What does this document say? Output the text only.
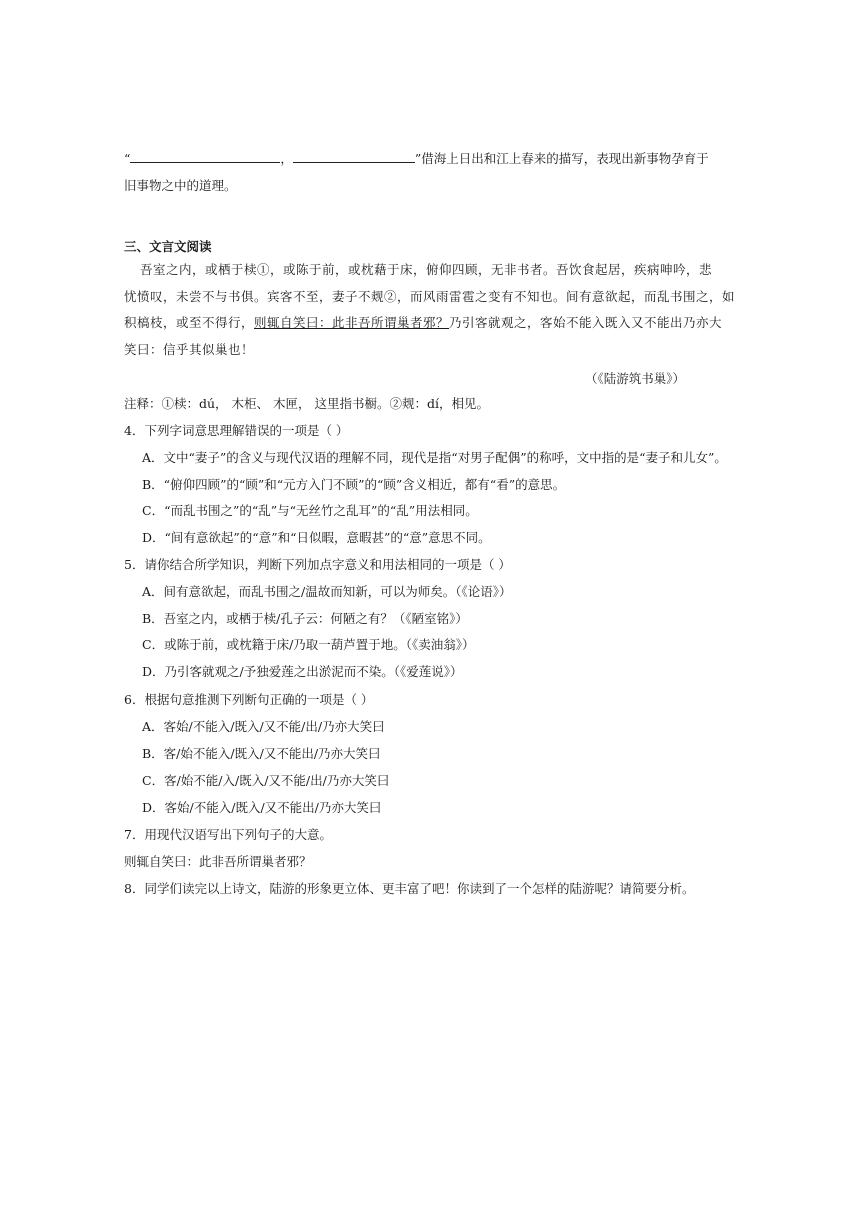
“	，	”借海上日出和江上春来的描写，表现出新事物孕育于
旧事物之中的道理。
三、文言文阅读
吾室之内，或栖于椟①，或陈于前，或枕藉于床，俯仰四顾，无非书者。吾饮食起居，疾病呻吟，悲
忧愤叹，未尝不与书俱。宾客不至，妻子不觌②，而风雨雷雹之变有不知也。间有意欲起，而乱书围之，如
积槁枝，或至不得行，则辄自笑曰：此非吾所谓巢者邪？乃引客就观之，客始不能入既入又不能出乃亦大
笑曰：信乎其似巢也！
（《陆游筑书巢》）
注释：①椟：dú， 木柜、 木匣， 这里指书橱。②觌：dí，相见。
4．下列字词意思理解错误的一项是（ ）
A．文中“妻子”的含义与现代汉语的理解不同，现代是指“对男子配偶”的称呼，文中指的是“妻子和儿女”。
B．“俯仰四顾”的“顾”和“元方入门不顾”的“顾”含义相近，都有“看”的意思。
C．“而乱书围之”的“乱”与“无丝竹之乱耳”的“乱”用法相同。
D．“间有意欲起”的“意”和“日似暇，意暇甚”的“意”意思不同。
5．请你结合所学知识，判断下列加点字意义和用法相同的一项是（ ）
A．间有意欲起，而乱书围之/温故而知新，可以为师矣。（《论语》）
B．吾室之内，或栖于椟/孔子云：何陋之有？（《陋室铭》）
C．或陈于前，或枕籍于床/乃取一葫芦置于地。（《卖油翁》）
D．乃引客就观之/予独爱莲之出淤泥而不染。（《爱莲说》）
6．根据句意推测下列断句正确的一项是（ ）
A．客始/不能入/既入/又不能/出/乃亦大笑曰
B．客/始不能入/既入/又不能出/乃亦大笑曰
C．客/始不能/入/既入/又不能/出/乃亦大笑曰
D．客始/不能入/既入/又不能出/乃亦大笑曰
7．用现代汉语写出下列句子的大意。
则辄自笑曰：此非吾所谓巢者邪？
8．同学们读完以上诗文，陆游的形象更立体、更丰富了吧！你读到了一个怎样的陆游呢？请简要分析。
